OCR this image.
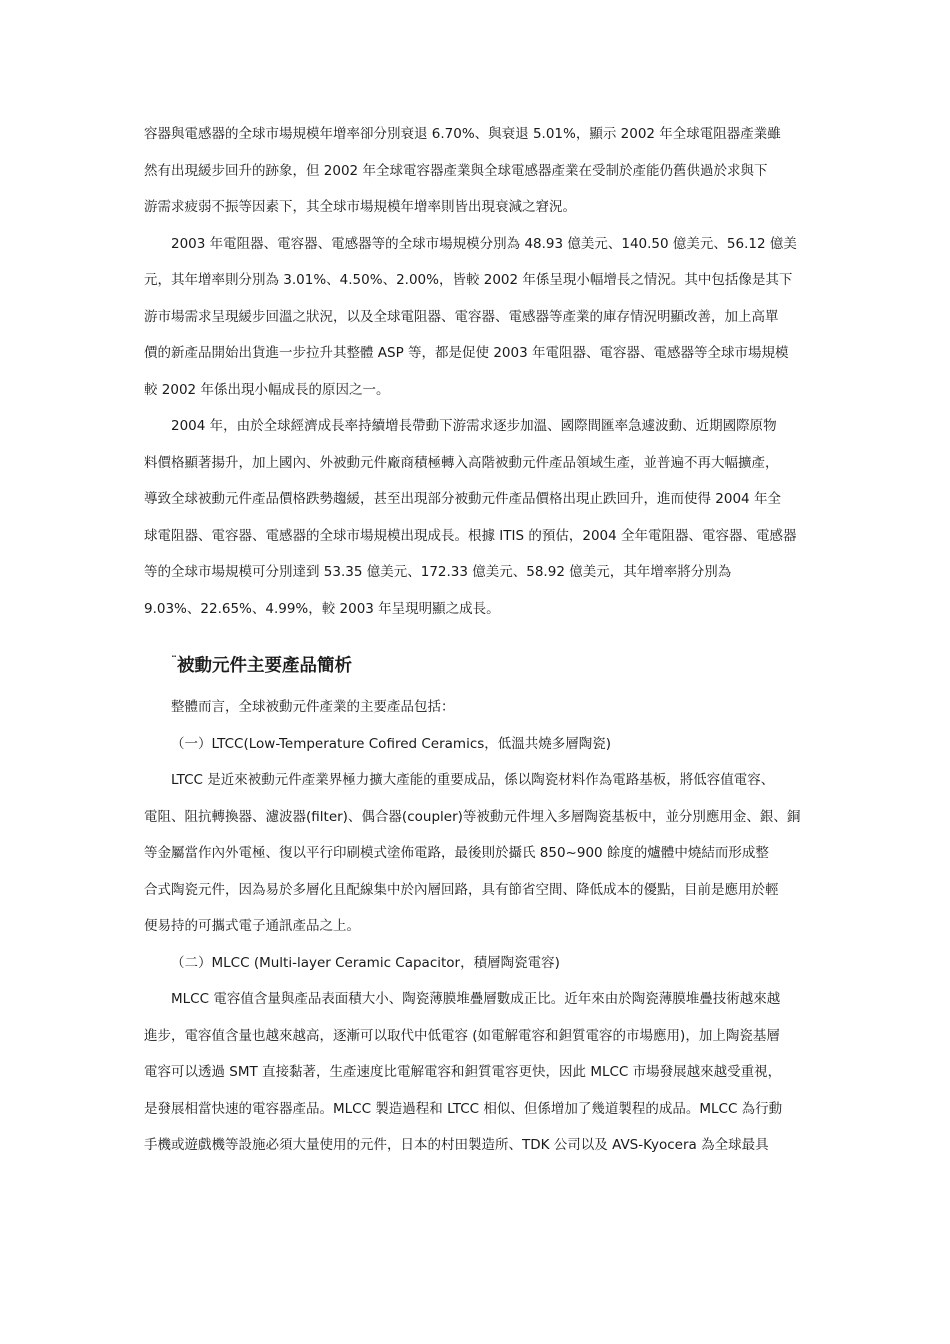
容器與電感器的全球市場規模年增率卻分別衰退 6.70%、與衰退 5.01%，顯示 2002 年全球電阻器產業雖
然有出現緩步回升的跡象，但 2002 年全球電容器產業與全球電感器產業在受制於產能仍舊供過於求與下
游需求疲弱不振等因素下，其全球市場規模年增率則皆出現衰減之窘況。
2003 年電阻器、電容器、電感器等的全球市場規模分別為 48.93 億美元、140.50 億美元、56.12 億美
元，其年增率則分別為 3.01%、4.50%、2.00%，皆較 2002 年係呈現小幅增長之情況。其中包括像是其下
游市場需求呈現緩步回溫之狀況，以及全球電阻器、電容器、電感器等產業的庫存情況明顯改善，加上高單
價的新產品開始出貨進一步拉升其整體 ASP 等，都是促使 2003 年電阻器、電容器、電感器等全球市場規模
較 2002 年係出現小幅成長的原因之一。
2004 年，由於全球經濟成長率持續增長帶動下游需求逐步加溫、國際間匯率急遽波動、近期國際原物
料價格顯著揚升，加上國內、外被動元件廠商積極轉入高階被動元件產品領域生產，並普遍不再大幅擴產，
導致全球被動元件產品價格跌勢趨緩，甚至出現部分被動元件產品價格出現止跌回升，進而使得 2004 年全
球電阻器、電容器、電感器的全球市場規模出現成長。根據 ITIS 的預估，2004 全年電阻器、電容器、電感器
等的全球市場規模可分別達到 53.35 億美元、172.33 億美元、58.92 億美元，其年增率將分別為
9.03%、22.65%、4.99%，較 2003 年呈現明顯之成長。
¨被動元件主要產品簡析
整體而言，全球被動元件產業的主要產品包括：
（一）LTCC(Low-Temperature Cofired Ceramics，低溫共燒多層陶瓷)
LTCC 是近來被動元件產業界極力擴大產能的重要成品，係以陶瓷材料作為電路基板，將低容值電容、
電阻、阻抗轉換器、濾波器(filter)、偶合器(coupler)等被動元件埋入多層陶瓷基板中，並分別應用金、銀、銅
等金屬當作內外電極、復以平行印刷模式塗佈電路，最後則於攝氏 850~900 餘度的爐體中燒結而形成整
合式陶瓷元件，因為易於多層化且配線集中於內層回路，具有節省空間、降低成本的優點，目前是應用於輕
便易持的可攜式電子通訊產品之上。
（二）MLCC (Multi-layer Ceramic Capacitor，積層陶瓷電容)
MLCC 電容值含量與產品表面積大小、陶瓷薄膜堆疊層數成正比。近年來由於陶瓷薄膜堆疊技術越來越
進步，電容值含量也越來越高，逐漸可以取代中低電容 (如電解電容和鉭質電容的市場應用)，加上陶瓷基層
電容可以透過 SMT 直接黏著，生產速度比電解電容和鉭質電容更快，因此 MLCC 市場發展越來越受重視，
是發展相當快速的電容器產品。MLCC 製造過程和 LTCC 相似、但係增加了幾道製程的成品。MLCC 為行動
手機或遊戲機等設施必須大量使用的元件，日本的村田製造所、TDK 公司以及 AVS-Kyocera 為全球最具
